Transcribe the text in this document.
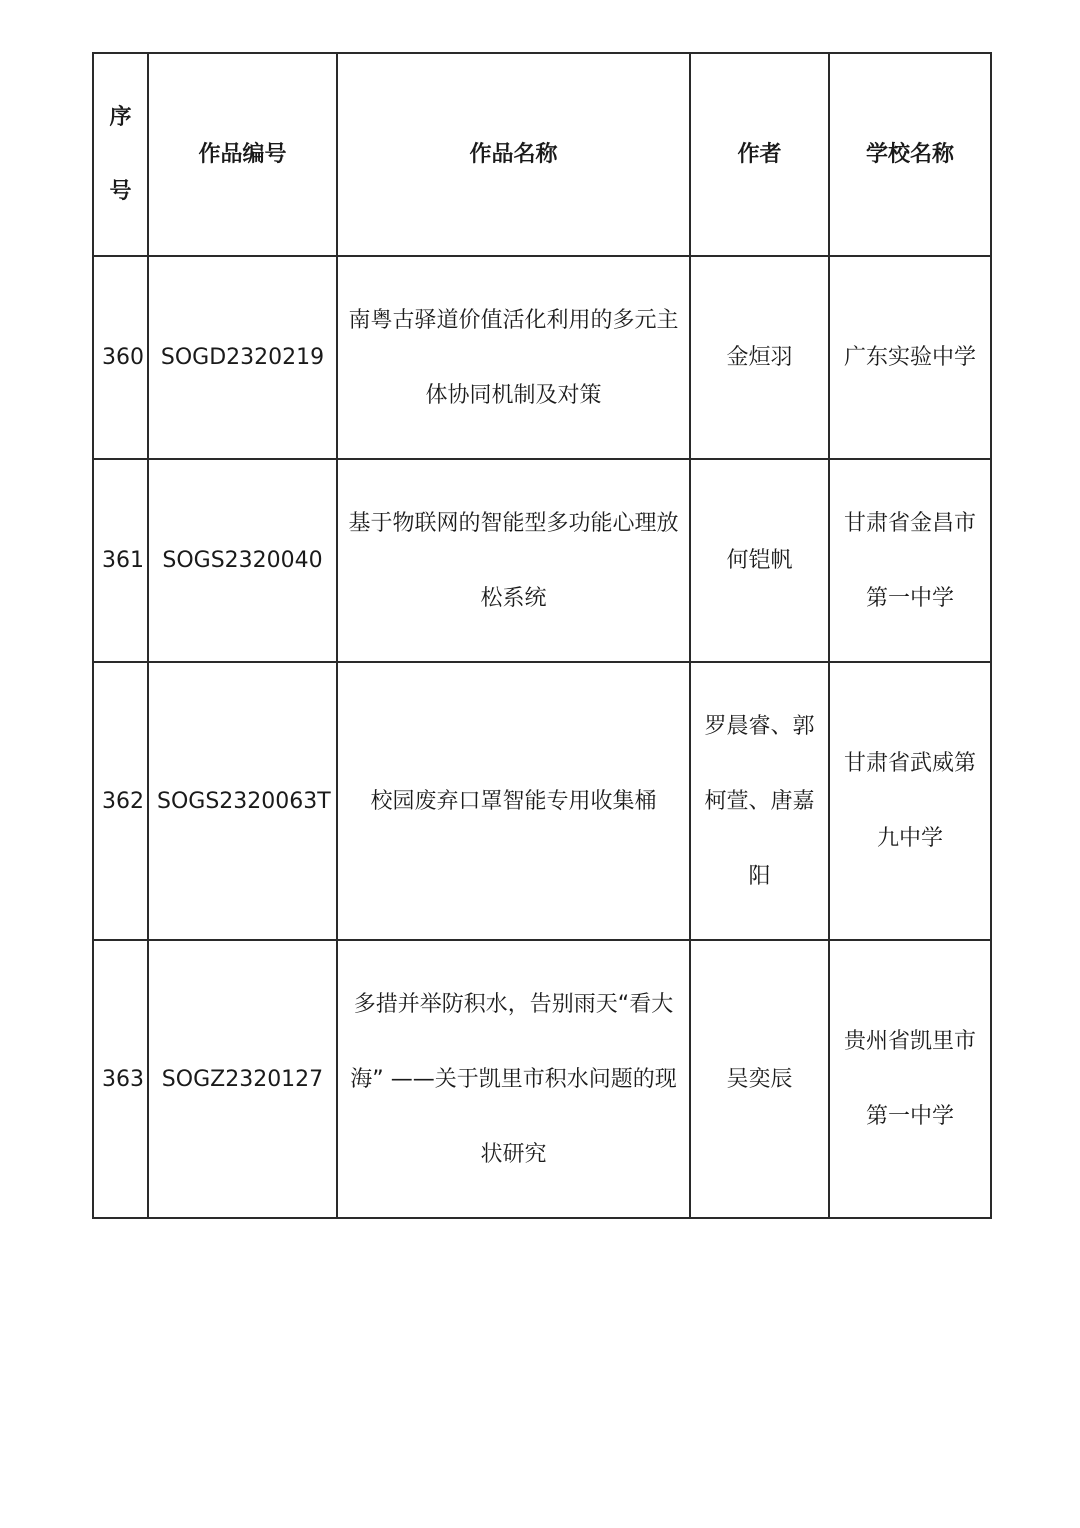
序号	作品编号	作品名称	作者	学校名称
360	SOGD2320219	南粤古驿道价值活化利用的多元主体协同机制及对策	金烜羽	广东实验中学
361	SOGS2320040	基于物联网的智能型多功能心理放松系统	何铠帆	甘肃省金昌市第一中学
362	SOGS2320063T	校园废弃口罩智能专用收集桶	罗晨睿、郭柯萱、唐嘉阳	甘肃省武威第九中学
363	SOGZ2320127	多措并举防积水，告别雨天“看大海” ——关于凯里市积水问题的现状研究	吴奕辰	贵州省凯里市第一中学
